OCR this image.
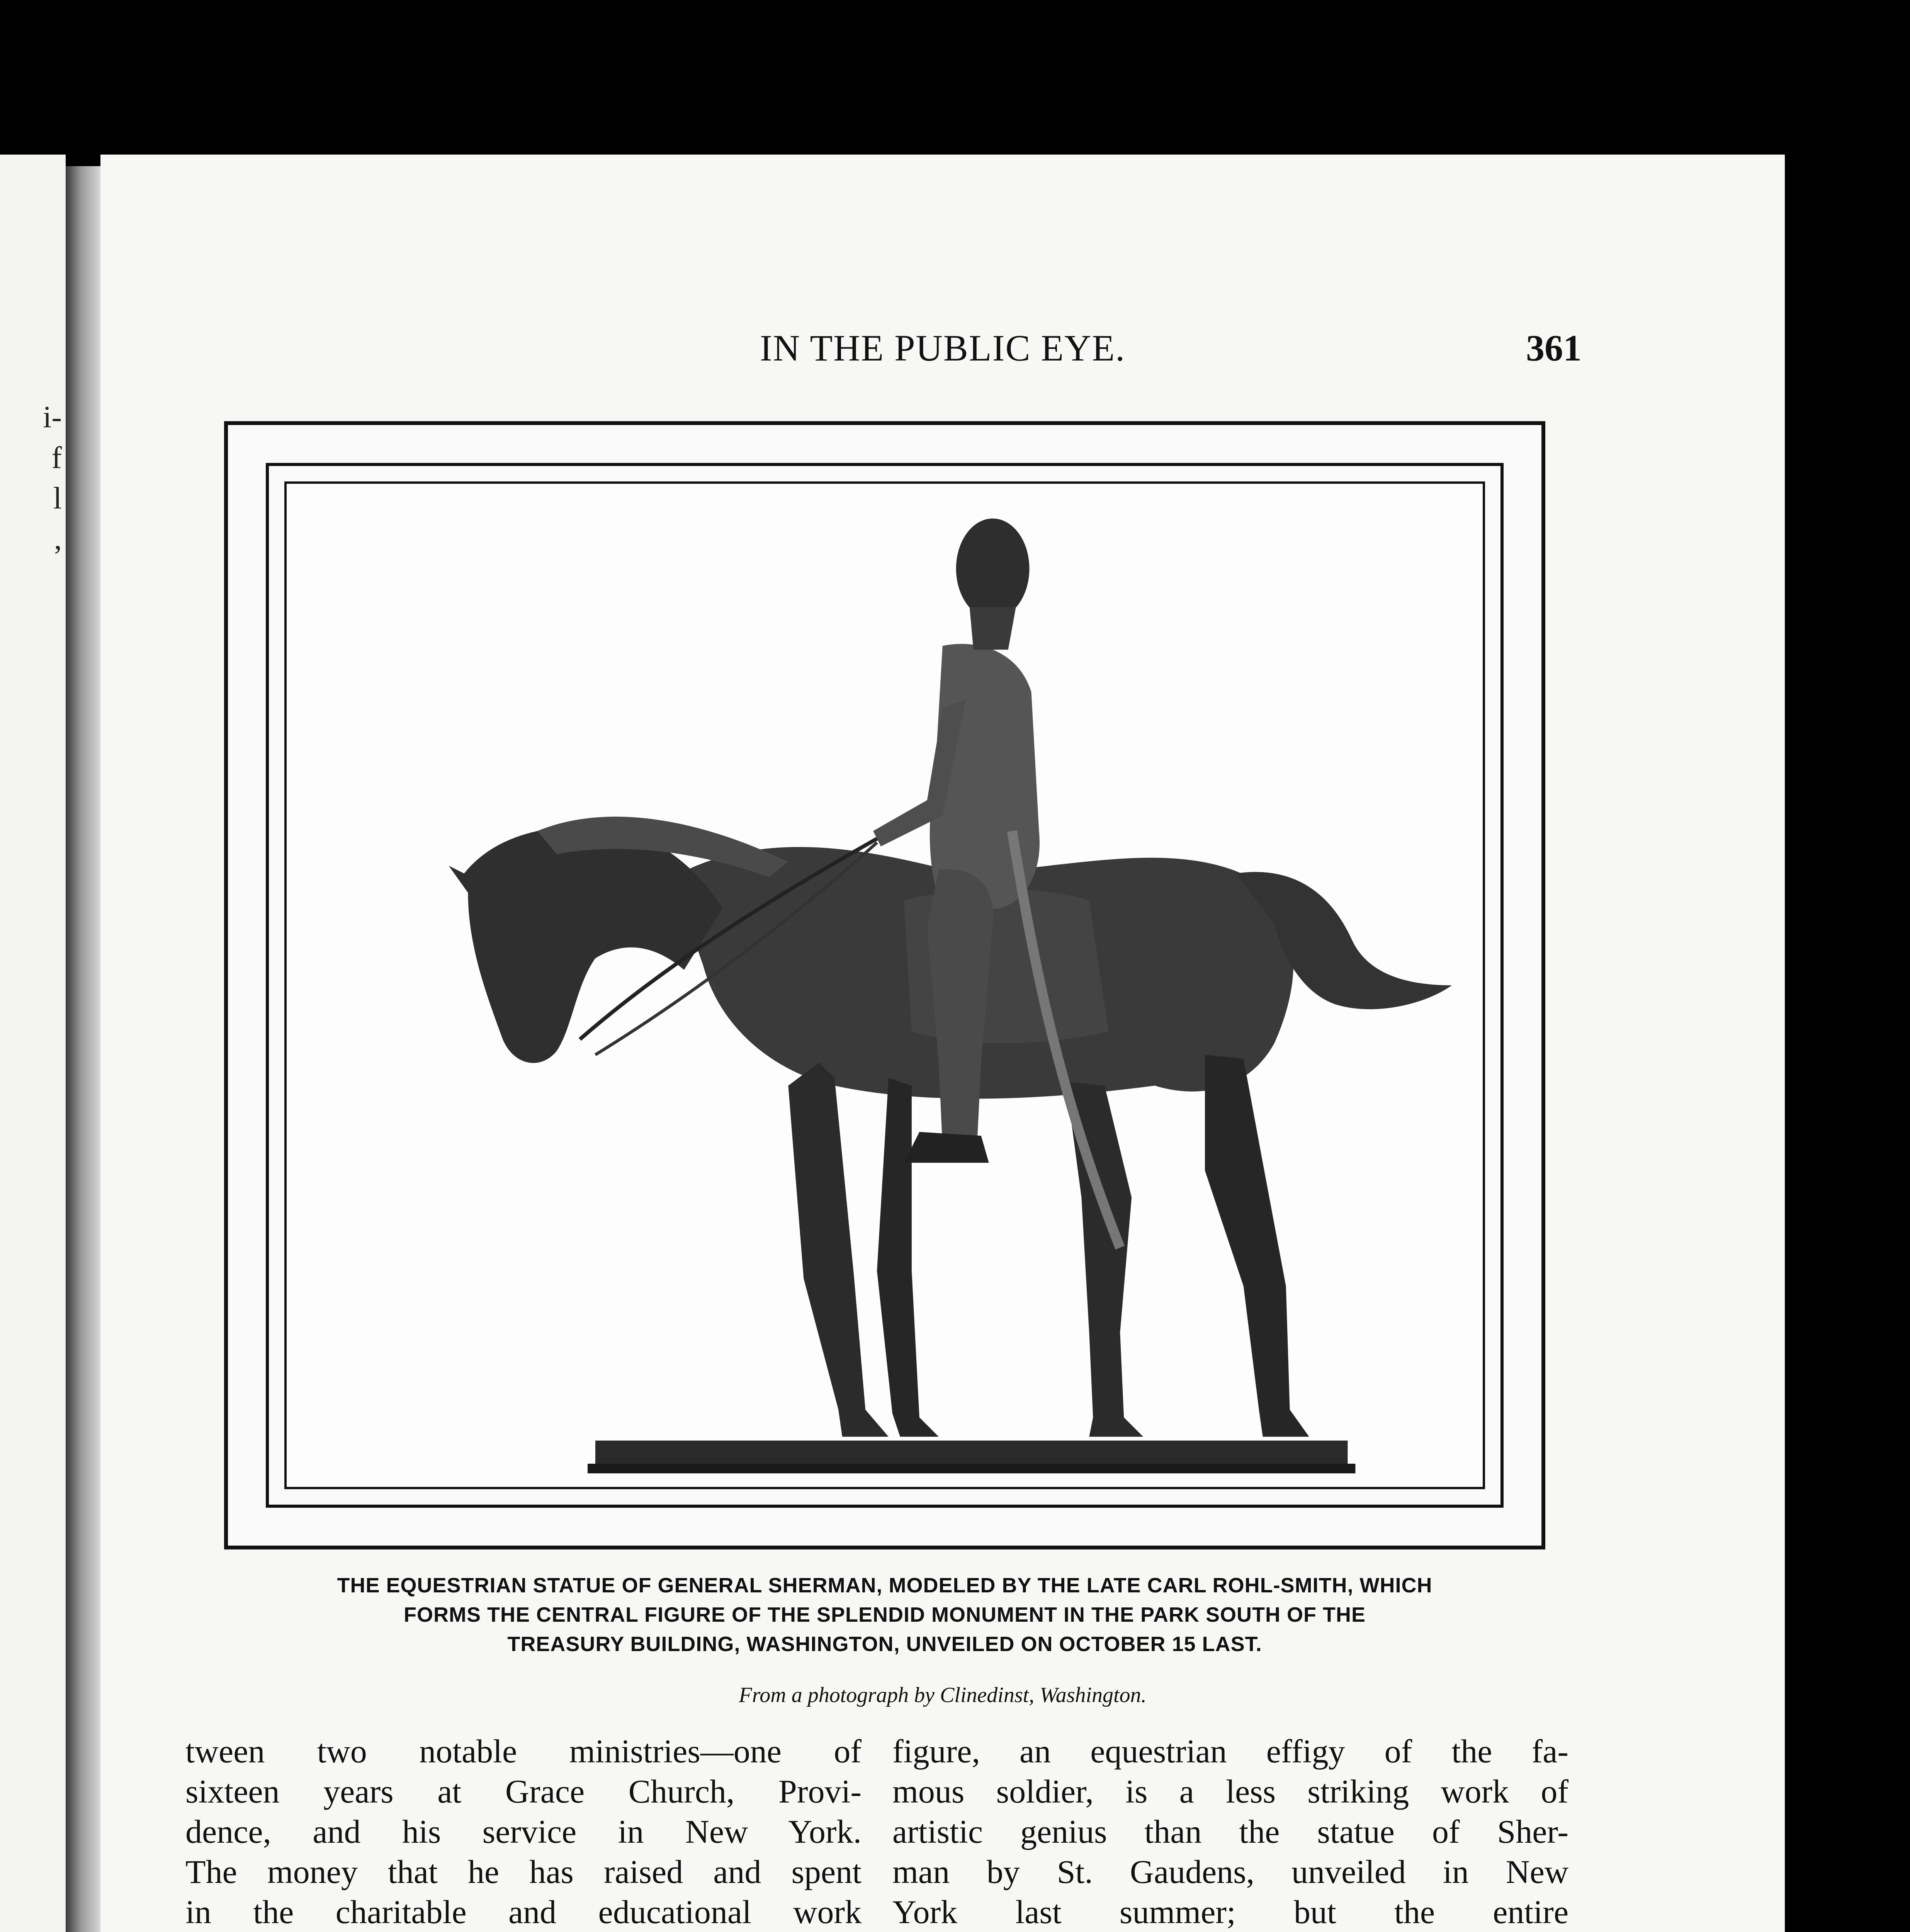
i-
f
l
,
IN THE PUBLIC EYE.	361
THE EQUESTRIAN STATUE OF GENERAL SHERMAN, MODELED BY THE LATE CARL ROHL-SMITH, WHICH
FORMS THE CENTRAL FIGURE OF THE SPLENDID MONUMENT IN THE PARK SOUTH OF THE
TREASURY BUILDING, WASHINGTON, UNVEILED ON OCTOBER 15 LAST.
From a photograph by Clinedinst, Washington.

tween two notable ministries—one of
sixteen years at Grace Church, Provi-
dence, and his service in New York.
The money that he has raised and spent
in the charitable and educational work

figure, an equestrian effigy of the fa-
mous soldier, is a less striking work of
artistic genius than the statue of Sher-
man by St. Gaudens, unveiled in New
York last summer; but the entire
